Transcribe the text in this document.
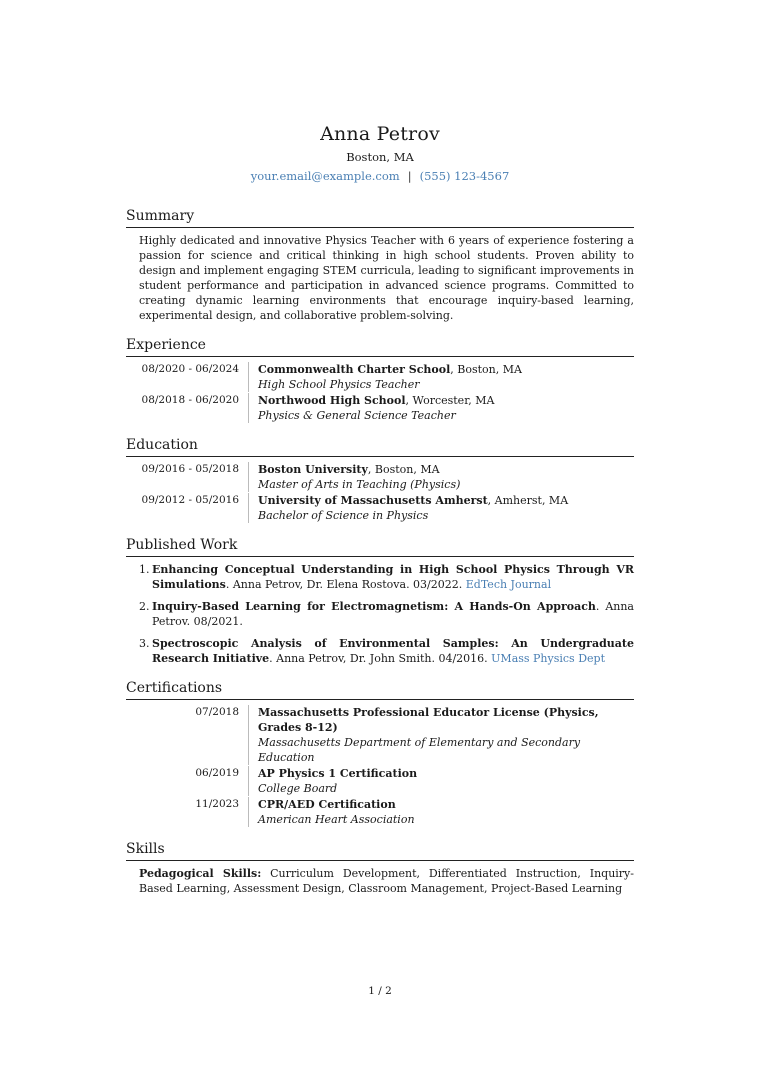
Anna Petrov
Boston, MA
your.email@example.com | (555) 123-4567
Summary
Highly dedicated and innovative Physics Teacher with 6 years of experience fostering a passion for science and critical thinking in high school students. Proven ability to design and implement engaging STEM curricula, leading to significant improvements in student performance and participation in advanced science programs. Committed to creating dynamic learning environments that encourage inquiry-based learning, experimental design, and collaborative problem-solving.
Experience
08/2020 - 06/2024	Commonwealth Charter School, Boston, MA
High School Physics Teacher
08/2018 - 06/2020	Northwood High School, Worcester, MA
Physics & General Science Teacher
Education
09/2016 - 05/2018	Boston University, Boston, MA
Master of Arts in Teaching (Physics)
09/2012 - 05/2016	University of Massachusetts Amherst, Amherst, MA
Bachelor of Science in Physics
Published Work
1. Enhancing Conceptual Understanding in High School Physics Through VR Simulations. Anna Petrov, Dr. Elena Rostova. 03/2022. EdTech Journal
2. Inquiry-Based Learning for Electromagnetism: A Hands-On Approach. Anna Petrov. 08/2021.
3. Spectroscopic Analysis of Environmental Samples: An Undergraduate Research Initiative. Anna Petrov, Dr. John Smith. 04/2016. UMass Physics Dept
Certifications
07/2018	Massachusetts Professional Educator License (Physics, Grades 8-12)
Massachusetts Department of Elementary and Secondary Education
06/2019	AP Physics 1 Certification
College Board
11/2023	CPR/AED Certification
American Heart Association
Skills
Pedagogical Skills: Curriculum Development, Differentiated Instruction, Inquiry-Based Learning, Assessment Design, Classroom Management, Project-Based Learning
1 / 2
